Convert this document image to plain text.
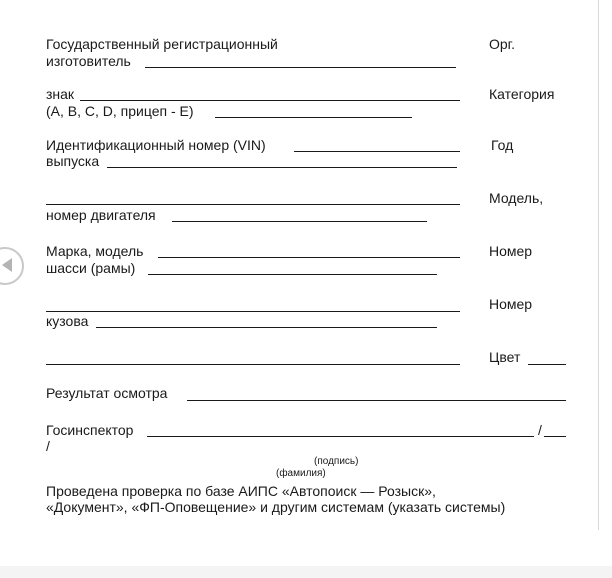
Государственный регистрационный	Орг.
изготовитель
знак	Категория
(A, B, C, D, прицеп - E)
Идентификационный номер (VIN)	Год
выпуска
Модель,
номер двигателя
Марка, модель	Номер
шасси (рамы)
Номер
кузова
Цвет
Результат осмотра
Госинспектор	/
/
(подпись)
(фамилия)
Проведена проверка по базе АИПС «Автопоиск — Розыск»,
«Документ», «ФП-Оповещение» и другим системам (указать системы)
